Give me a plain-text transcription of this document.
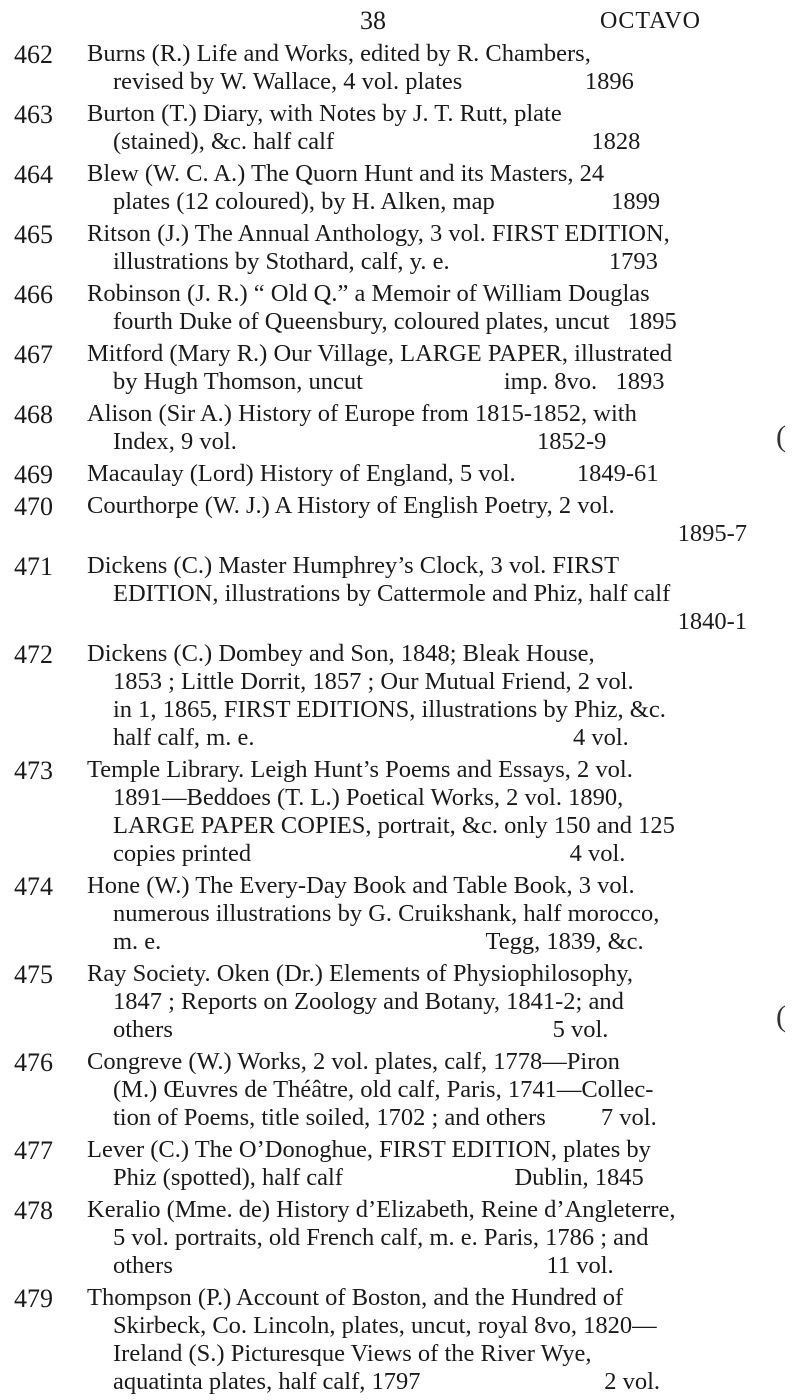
38	OCTAVO
462	Burns (R.) Life and Works, edited by R. Chambers,
revised by W. Wallace, 4 vol. plates                    1896
463	Burton (T.) Diary, with Notes by J. T. Rutt, plate
(stained), &c. half calf                                          1828
464	Blew (W. C. A.) The Quorn Hunt and its Masters, 24
plates (12 coloured), by H. Alken, map                   1899
465	Ritson (J.) The Annual Anthology, 3 vol. FIRST EDITION,
illustrations by Stothard, calf, y. e.                          1793
466	Robinson (J. R.) “ Old Q.” a Memoir of William Douglas
fourth Duke of Queensbury, coloured plates, uncut   1895
467	Mitford (Mary R.) Our Village, LARGE PAPER, illustrated
by Hugh Thomson, uncut                       imp. 8vo.   1893
468	Alison (Sir A.) History of Europe from 1815-1852, with
Index, 9 vol.                                                 1852-9
469	Macaulay (Lord) History of England, 5 vol.          1849-61
470	Courthorpe (W. J.) A History of English Poetry, 2 vol.
1895-7
471	Dickens (C.) Master Humphrey’s Clock, 3 vol. FIRST
EDITION, illustrations by Cattermole and Phiz, half calf
1840-1
472	Dickens (C.) Dombey and Son, 1848; Bleak House,
1853 ; Little Dorrit, 1857 ; Our Mutual Friend, 2 vol.
in 1, 1865, FIRST EDITIONS, illustrations by Phiz, &c.
half calf, m. e.                                                    4 vol.
473	Temple Library. Leigh Hunt’s Poems and Essays, 2 vol.
1891—Beddoes (T. L.) Poetical Works, 2 vol. 1890,
LARGE PAPER COPIES, portrait, &c. only 150 and 125
copies printed                                                    4 vol.
474	Hone (W.) The Every-Day Book and Table Book, 3 vol.
numerous illustrations by G. Cruikshank, half morocco,
m. e.                                                     Tegg, 1839, &c.
475	Ray Society. Oken (Dr.) Elements of Physiophilosophy,
1847 ; Reports on Zoology and Botany, 1841-2; and
others                                                              5 vol.
476	Congreve (W.) Works, 2 vol. plates, calf, 1778—Piron
(M.) Œuvres de Théâtre, old calf, Paris, 1741—Collec-
tion of Poems, title soiled, 1702 ; and others         7 vol.
477	Lever (C.) The O’Donoghue, FIRST EDITION, plates by
Phiz (spotted), half calf                            Dublin, 1845
478	Keralio (Mme. de) History d’Elizabeth, Reine d’Angleterre,
5 vol. portraits, old French calf, m. e. Paris, 1786 ; and
others                                                             11 vol.
479	Thompson (P.) Account of Boston, and the Hundred of
Skirbeck, Co. Lincoln, plates, uncut, royal 8vo, 1820—
Ireland (S.) Picturesque Views of the River Wye,
aquatinta plates, half calf, 1797                              2 vol.
(
(
